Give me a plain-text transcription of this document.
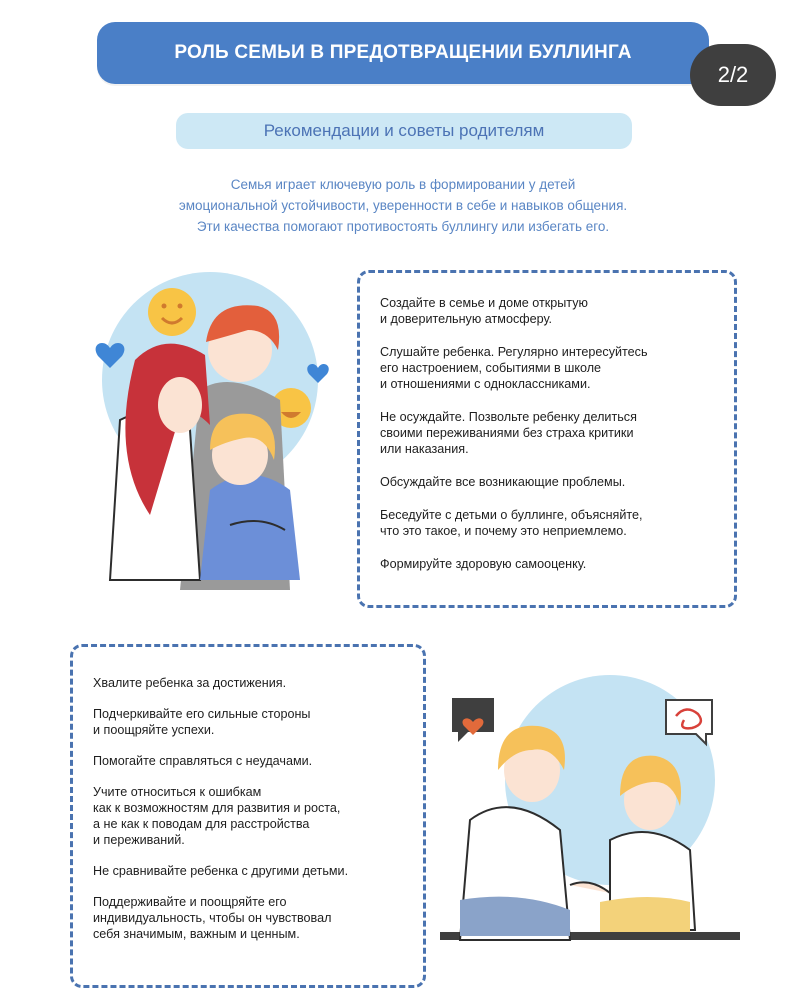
РОЛЬ СЕМЬИ В ПРЕДОТВРАЩЕНИИ БУЛЛИНГА
2/2
Рекомендации и советы родителям
Семья играет ключевую роль в формировании у детей
эмоциональной устойчивости, уверенности в себе и навыков общения.
Эти качества помогают противостоять буллингу или избегать его.

Создайте в семье и доме открытую
и доверительную атмосферу.

Слушайте ребенка. Регулярно интересуйтесь
его настроением, событиями в школе
и отношениями с одноклассниками.

Не осуждайте. Позвольте ребенку делиться
своими переживаниями без страха критики
или наказания.

Обсуждайте все возникающие проблемы.

Беседуйте с детьми о буллинге, объясняйте,
что это такое, и почему это неприемлемо.

Формируйте здоровую самооценку.

Хвалите ребенка за достижения.

Подчеркивайте его сильные стороны
и поощряйте успехи.

Помогайте справляться с неудачами.

Учите относиться к ошибкам
как к возможностям для развития и роста,
а не как к поводам для расстройства
и переживаний.

Не сравнивайте ребенка с другими детьми.

Поддерживайте и поощряйте его
индивидуальность, чтобы он чувствовал
себя значимым, важным и ценным.
